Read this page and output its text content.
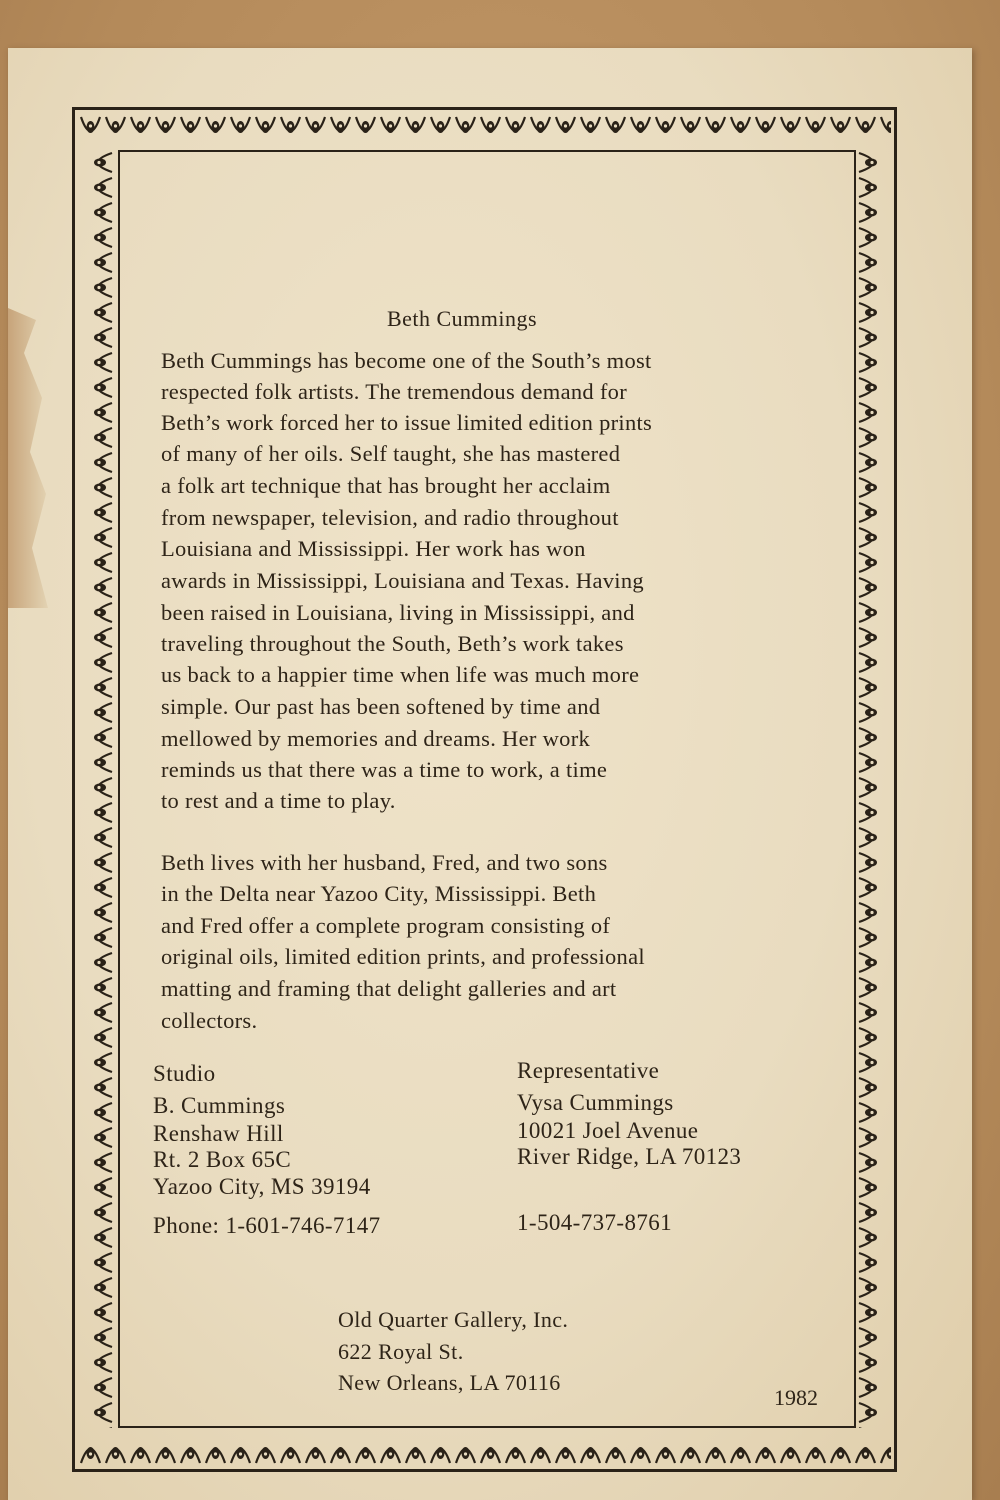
Beth Cummings
Beth Cummings has become one of the South’s most
respected folk artists. The tremendous demand for
Beth’s work forced her to issue limited edition prints
of many of her oils. Self taught, she has mastered
a folk art technique that has brought her acclaim
from newspaper, television, and radio throughout
Louisiana and Mississippi. Her work has won
awards in Mississippi, Louisiana and Texas. Having
been raised in Louisiana, living in Mississippi, and
traveling throughout the South, Beth’s work takes
us back to a happier time when life was much more
simple. Our past has been softened by time and
mellowed by memories and dreams. Her work
reminds us that there was a time to work, a time
to rest and a time to play.
Beth lives with her husband, Fred, and two sons
in the Delta near Yazoo City, Mississippi. Beth
and Fred offer a complete program consisting of
original oils, limited edition prints, and professional
matting and framing that delight galleries and art
collectors.
Studio
B. Cummings
Renshaw Hill
Rt. 2 Box 65C
Yazoo City, MS 39194
Phone: 1-601-746-7147
Representative
Vysa Cummings
10021 Joel Avenue
River Ridge, LA 70123
1-504-737-8761
Old Quarter Gallery, Inc.
622 Royal St.
New Orleans, LA 70116
1982
